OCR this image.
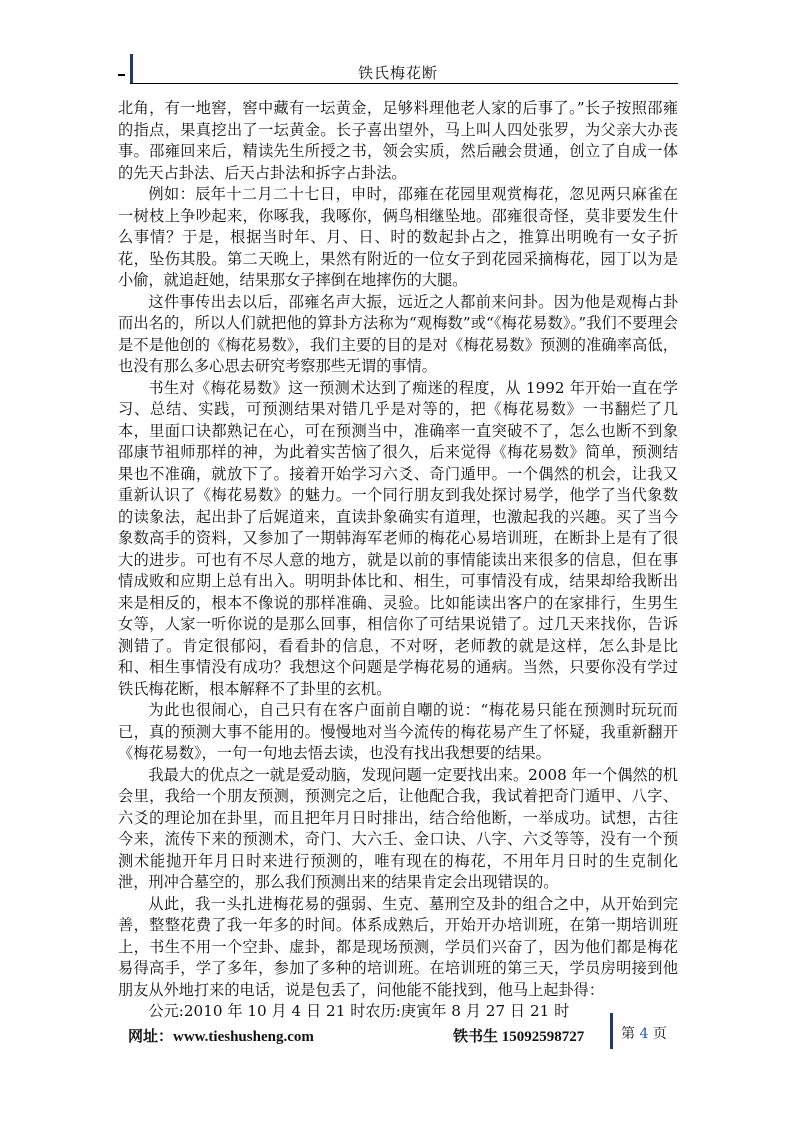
铁氏梅花断

北角，有一地窖，窖中藏有一坛黄金，足够料理他老人家的后事了。”长子按照邵雍的指点，果真挖出了一坛黄金。长子喜出望外，马上叫人四处张罗，为父亲大办丧事。邵雍回来后，精读先生所授之书，领会实质，然后融会贯通，创立了自成一体的先天占卦法、后天占卦法和拆字占卦法。

例如：辰年十二月二十七日，申时，邵雍在花园里观赏梅花，忽见两只麻雀在一树枝上争吵起来，你啄我，我啄你，俩鸟相继坠地。邵雍很奇怪，莫非要发生什么事情？于是，根据当时年、月、日、时的数起卦占之，推算出明晚有一女子折花，坠伤其股。第二天晚上，果然有附近的一位女子到花园采摘梅花，园丁以为是小偷，就追赶她，结果那女子摔倒在地摔伤的大腿。

这件事传出去以后，邵雍名声大振，远近之人都前来问卦。因为他是观梅占卦而出名的，所以人们就把他的算卦方法称为“观梅数”或“《梅花易数》。”我们不要理会是不是他创的《梅花易数》，我们主要的目的是对《梅花易数》预测的准确率高低，也没有那么多心思去研究考察那些无谓的事情。

书生对《梅花易数》这一预测术达到了痴迷的程度，从 1992 年开始一直在学习、总结、实践，可预测结果对错几乎是对等的，把《梅花易数》一书翻烂了几本，里面口诀都熟记在心，可在预测当中，准确率一直突破不了，怎么也断不到象邵康节祖师那样的神，为此着实苦恼了很久，后来觉得《梅花易数》简单，预测结果也不准确，就放下了。接着开始学习六爻、奇门遁甲。一个偶然的机会，让我又重新认识了《梅花易数》的魅力。一个同行朋友到我处探讨易学，他学了当代象数的读象法，起出卦了后娓道来，直读卦象确实有道理，也激起我的兴趣。买了当今象数高手的资料，又参加了一期韩海军老师的梅花心易培训班，在断卦上是有了很大的进步。可也有不尽人意的地方，就是以前的事情能读出来很多的信息，但在事情成败和应期上总有出入。明明卦体比和、相生，可事情没有成，结果却给我断出来是相反的，根本不像说的那样准确、灵验。比如能读出客户的在家排行，生男生女等，人家一听你说的是那么回事，相信你了可结果说错了。过几天来找你，告诉测错了。肯定很郁闷，看看卦的信息，不对呀，老师教的就是这样，怎么卦是比和、相生事情没有成功？我想这个问题是学梅花易的通病。当然，只要你没有学过铁氏梅花断，根本解释不了卦里的玄机。

为此也很闹心，自己只有在客户面前自嘲的说：“梅花易只能在预测时玩玩而已，真的预测大事不能用的。慢慢地对当今流传的梅花易产生了怀疑，我重新翻开《梅花易数》，一句一句地去悟去读，也没有找出我想要的结果。

我最大的优点之一就是爱动脑，发现问题一定要找出来。2008 年一个偶然的机会里，我给一个朋友预测，预测完之后，让他配合我，我试着把奇门遁甲、八字、六爻的理论加在卦里，而且把年月日时排出，结合给他断，一举成功。试想，古往今来，流传下来的预测术，奇门、大六壬、金口诀、八字、六爻等等，没有一个预测术能抛开年月日时来进行预测的，唯有现在的梅花，不用年月日时的生克制化泄，刑冲合墓空的，那么我们预测出来的结果肯定会出现错误的。

从此，我一头扎进梅花易的强弱、生克、墓刑空及卦的组合之中，从开始到完善，整整花费了我一年多的时间。体系成熟后，开始开办培训班，在第一期培训班上，书生不用一个空卦、虚卦，都是现场预测，学员们兴奋了，因为他们都是梅花易得高手，学了多年，参加了多种的培训班。在培训班的第三天，学员房明接到他朋友从外地打来的电话，说是包丢了，问他能不能找到，他马上起卦得：

公元:2010 年 10 月 4 日 21 时农历:庚寅年 8 月 27 日 21 时

网址：www.tieshusheng.com	铁书生 15092598727	第 4 页
